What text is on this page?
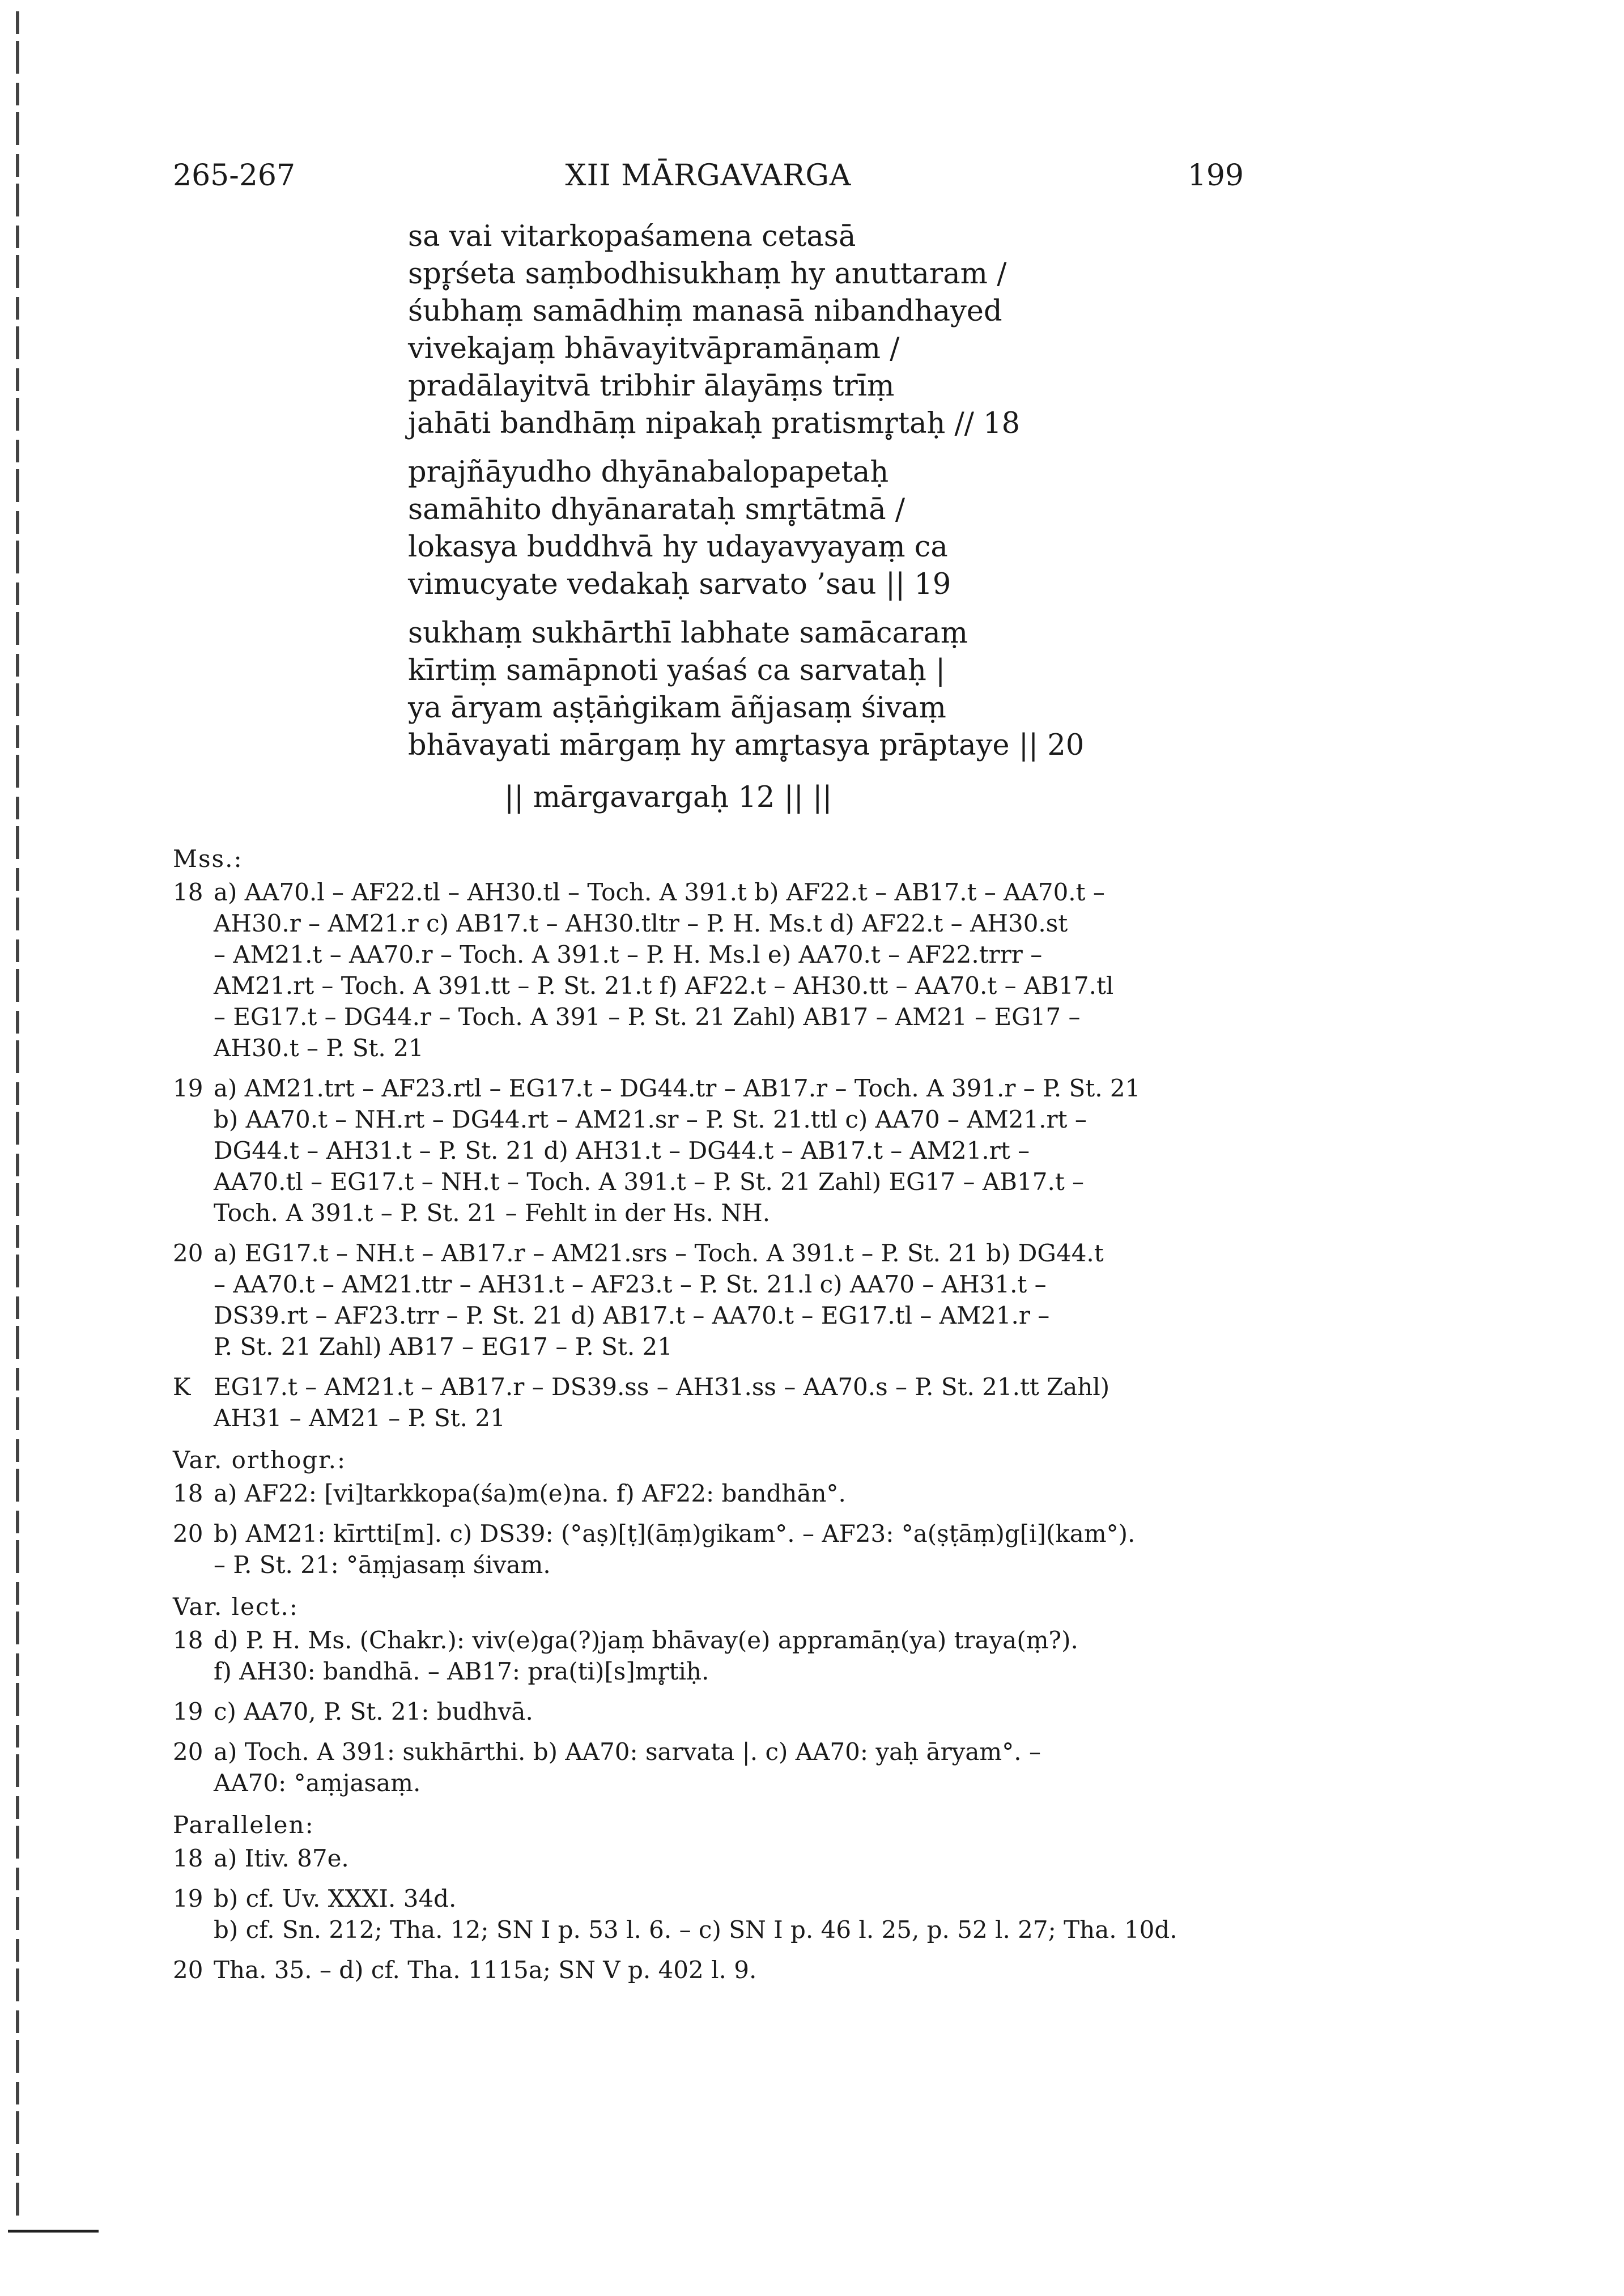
265-267	XII MĀRGAVARGA	199
sa vai vitarkopaśamena cetasā
spr̥śeta saṃbodhisukhaṃ hy anuttaram /
śubhaṃ samādhiṃ manasā nibandhayed
vivekajaṃ bhāvayitvāpramāṇam /
pradālayitvā tribhir ālayāṃs trīṃ
jahāti bandhāṃ nipakaḥ pratismr̥taḥ // 18
prajñāyudho dhyānabalopapetaḥ
samāhito dhyānarataḥ smr̥tātmā /
lokasya buddhvā hy udayavyayaṃ ca
vimucyate vedakaḥ sarvato ’sau || 19
sukhaṃ sukhārthī labhate samācaraṃ
kīrtiṃ samāpnoti yaśaś ca sarvataḥ |
ya āryam aṣṭāṅgikam āñjasaṃ śivaṃ
bhāvayati mārgaṃ hy amr̥tasya prāptaye || 20
|| mārgavargaḥ 12 || ||
Mss.:
18 a) AA70.l – AF22.tl – AH30.tl – Toch. A 391.t b) AF22.t – AB17.t – AA70.t –
AH30.r – AM21.r c) AB17.t – AH30.tltr – P. H. Ms.t d) AF22.t – AH30.st
– AM21.t – AA70.r – Toch. A 391.t – P. H. Ms.l e) AA70.t – AF22.trrr –
AM21.rt – Toch. A 391.tt – P. St. 21.t f) AF22.t – AH30.tt – AA70.t – AB17.tl
– EG17.t – DG44.r – Toch. A 391 – P. St. 21 Zahl) AB17 – AM21 – EG17 –
AH30.t – P. St. 21
19 a) AM21.trt – AF23.rtl – EG17.t – DG44.tr – AB17.r – Toch. A 391.r – P. St. 21
b) AA70.t – NH.rt – DG44.rt – AM21.sr – P. St. 21.ttl c) AA70 – AM21.rt –
DG44.t – AH31.t – P. St. 21 d) AH31.t – DG44.t – AB17.t – AM21.rt –
AA70.tl – EG17.t – NH.t – Toch. A 391.t – P. St. 21 Zahl) EG17 – AB17.t –
Toch. A 391.t – P. St. 21 – Fehlt in der Hs. NH.
20 a) EG17.t – NH.t – AB17.r – AM21.srs – Toch. A 391.t – P. St. 21 b) DG44.t
– AA70.t – AM21.ttr – AH31.t – AF23.t – P. St. 21.l c) AA70 – AH31.t –
DS39.rt – AF23.trr – P. St. 21 d) AB17.t – AA70.t – EG17.tl – AM21.r –
P. St. 21 Zahl) AB17 – EG17 – P. St. 21
K EG17.t – AM21.t – AB17.r – DS39.ss – AH31.ss – AA70.s – P. St. 21.tt Zahl)
AH31 – AM21 – P. St. 21
Var. orthogr.:
18 a) AF22: [vi]tarkkopa(śa)m(e)na. f) AF22: bandhān°.
20 b) AM21: kīrtti[m]. c) DS39: (°aṣ)[ṭ](āṃ)gikam°. – AF23: °a(ṣṭāṃ)g[i](kam°).
– P. St. 21: °āṃjasaṃ śivam.
Var. lect.:
18 d) P. H. Ms. (Chakr.): viv(e)ga(?)jaṃ bhāvay(e) appramāṇ(ya) traya(ṃ?).
f) AH30: bandhā. – AB17: pra(ti)[s]mr̥tiḥ.
19 c) AA70, P. St. 21: budhvā.
20 a) Toch. A 391: sukhārthi. b) AA70: sarvata |. c) AA70: yaḥ āryam°. –
AA70: °aṃjasaṃ.
Parallelen:
18 a) Itiv. 87e.
19 b) cf. Uv. XXXI. 34d.
b) cf. Sn. 212; Tha. 12; SN I p. 53 l. 6. – c) SN I p. 46 l. 25, p. 52 l. 27; Tha. 10d.
20 Tha. 35. – d) cf. Tha. 1115a; SN V p. 402 l. 9.
